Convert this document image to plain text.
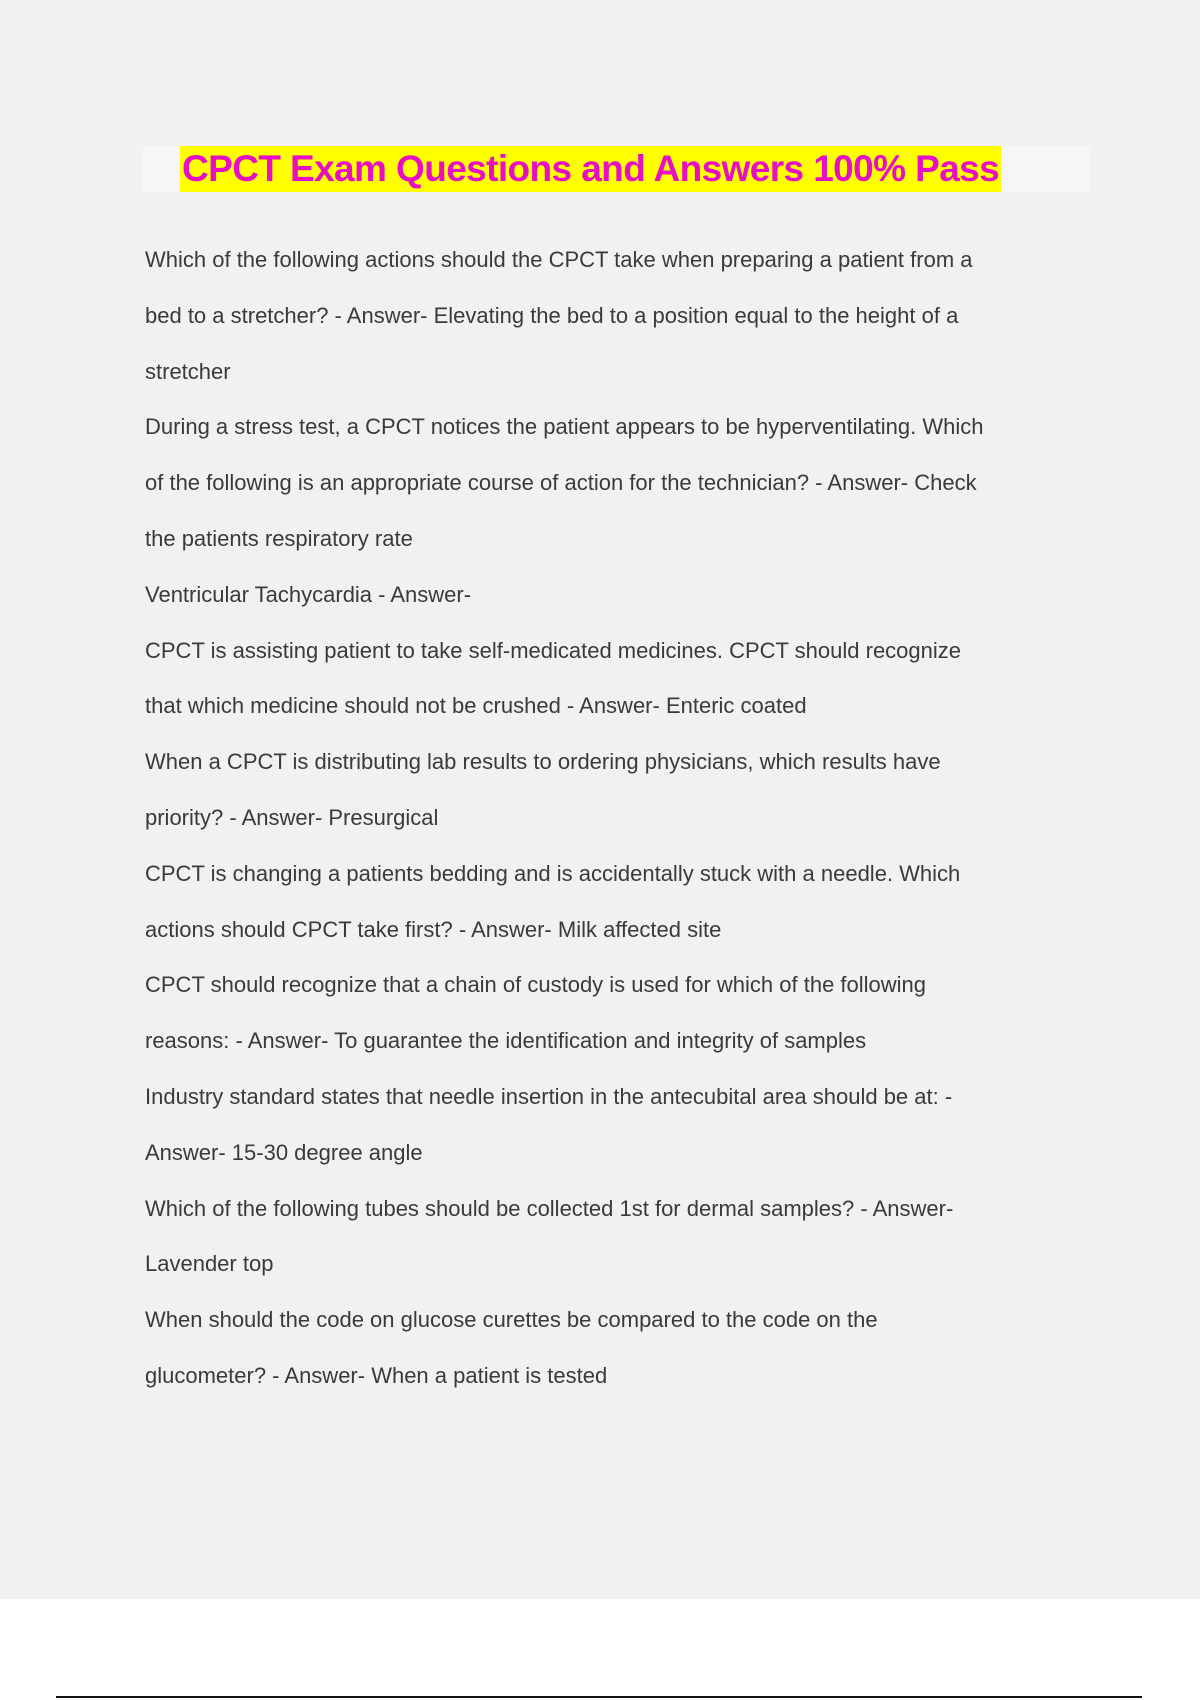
CPCT Exam Questions and Answers 100% Pass
Which of the following actions should the CPCT take when preparing a patient from a
bed to a stretcher? - Answer- Elevating the bed to a position equal to the height of a
stretcher
During a stress test, a CPCT notices the patient appears to be hyperventilating. Which
of the following is an appropriate course of action for the technician? - Answer- Check
the patients respiratory rate
Ventricular Tachycardia - Answer-
CPCT is assisting patient to take self-medicated medicines. CPCT should recognize
that which medicine should not be crushed - Answer- Enteric coated
When a CPCT is distributing lab results to ordering physicians, which results have
priority? - Answer- Presurgical
CPCT is changing a patients bedding and is accidentally stuck with a needle. Which
actions should CPCT take first? - Answer- Milk affected site
CPCT should recognize that a chain of custody is used for which of the following
reasons: - Answer- To guarantee the identification and integrity of samples
Industry standard states that needle insertion in the antecubital area should be at: -
Answer- 15-30 degree angle
Which of the following tubes should be collected 1st for dermal samples? - Answer-
Lavender top
When should the code on glucose curettes be compared to the code on the
glucometer? - Answer- When a patient is tested
